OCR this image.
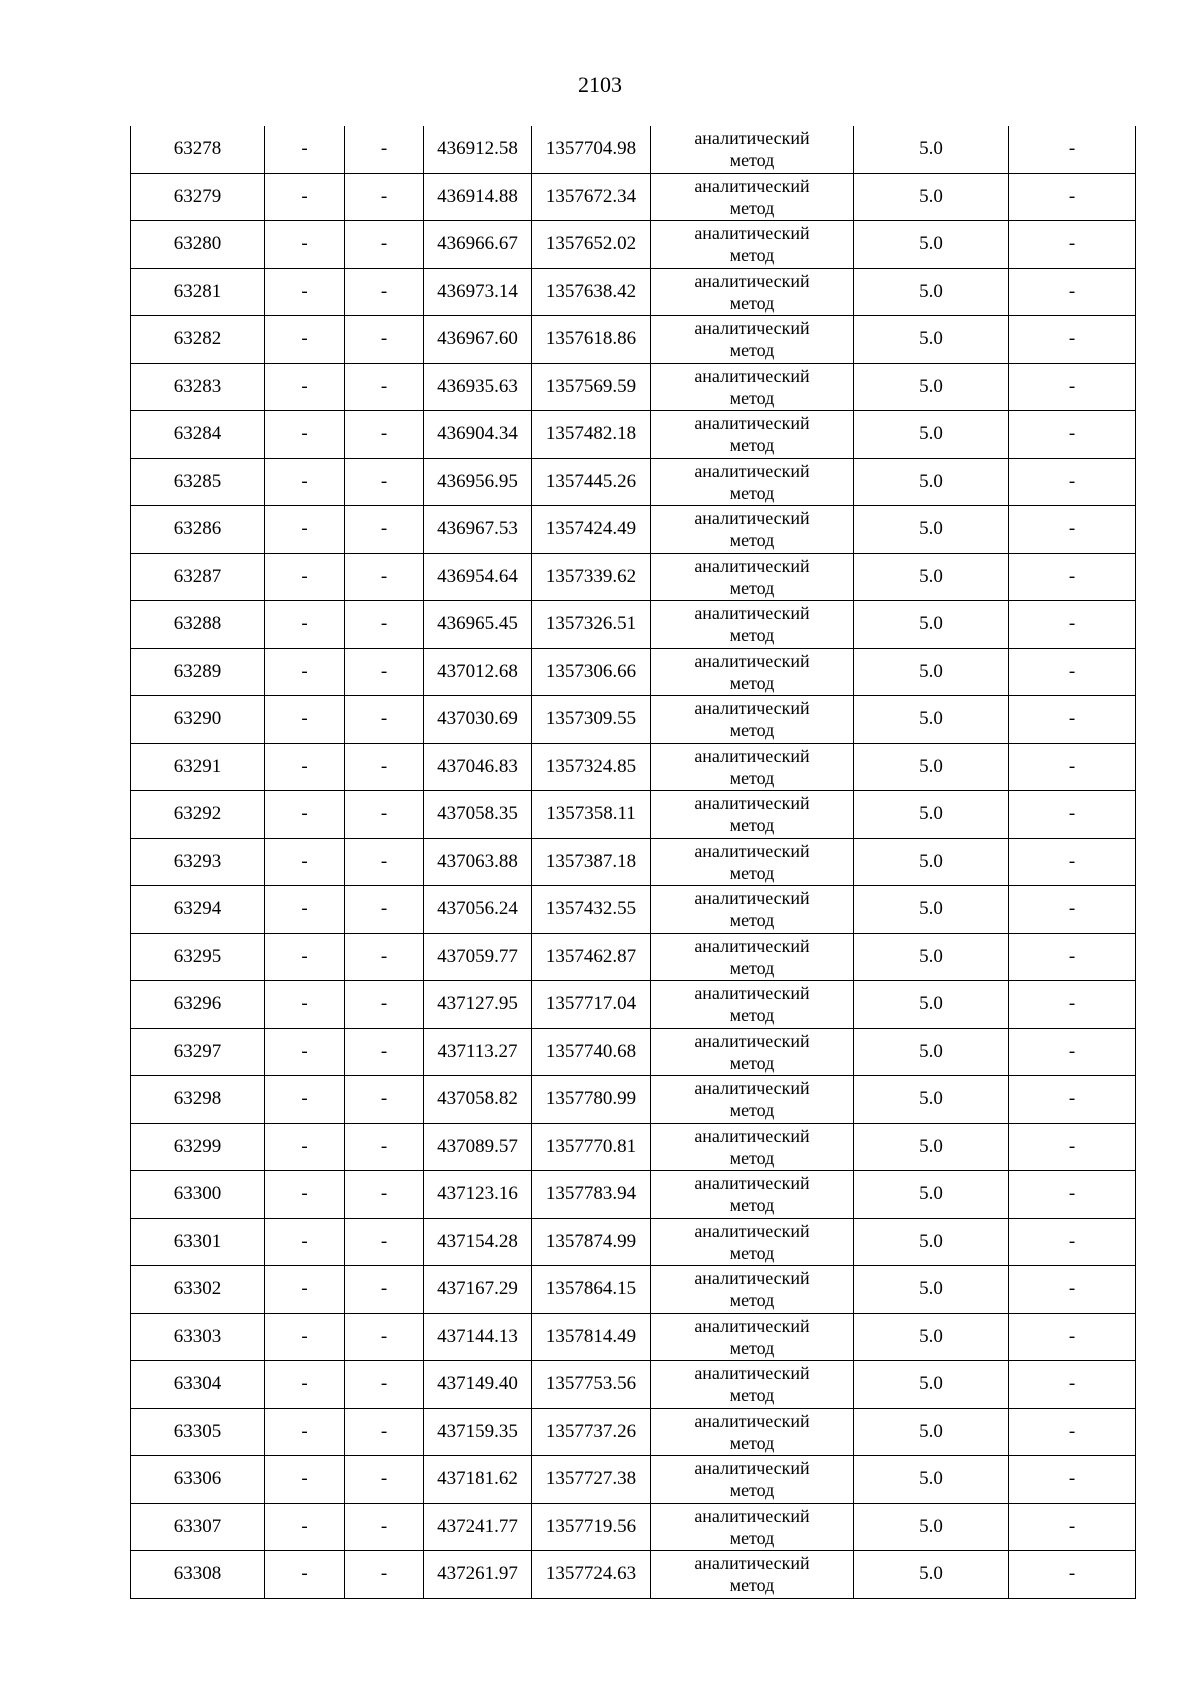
2103
63278	-	-	436912.58	1357704.98	аналитический
метод	5.0	-
63279	-	-	436914.88	1357672.34	аналитический
метод	5.0	-
63280	-	-	436966.67	1357652.02	аналитический
метод	5.0	-
63281	-	-	436973.14	1357638.42	аналитический
метод	5.0	-
63282	-	-	436967.60	1357618.86	аналитический
метод	5.0	-
63283	-	-	436935.63	1357569.59	аналитический
метод	5.0	-
63284	-	-	436904.34	1357482.18	аналитический
метод	5.0	-
63285	-	-	436956.95	1357445.26	аналитический
метод	5.0	-
63286	-	-	436967.53	1357424.49	аналитический
метод	5.0	-
63287	-	-	436954.64	1357339.62	аналитический
метод	5.0	-
63288	-	-	436965.45	1357326.51	аналитический
метод	5.0	-
63289	-	-	437012.68	1357306.66	аналитический
метод	5.0	-
63290	-	-	437030.69	1357309.55	аналитический
метод	5.0	-
63291	-	-	437046.83	1357324.85	аналитический
метод	5.0	-
63292	-	-	437058.35	1357358.11	аналитический
метод	5.0	-
63293	-	-	437063.88	1357387.18	аналитический
метод	5.0	-
63294	-	-	437056.24	1357432.55	аналитический
метод	5.0	-
63295	-	-	437059.77	1357462.87	аналитический
метод	5.0	-
63296	-	-	437127.95	1357717.04	аналитический
метод	5.0	-
63297	-	-	437113.27	1357740.68	аналитический
метод	5.0	-
63298	-	-	437058.82	1357780.99	аналитический
метод	5.0	-
63299	-	-	437089.57	1357770.81	аналитический
метод	5.0	-
63300	-	-	437123.16	1357783.94	аналитический
метод	5.0	-
63301	-	-	437154.28	1357874.99	аналитический
метод	5.0	-
63302	-	-	437167.29	1357864.15	аналитический
метод	5.0	-
63303	-	-	437144.13	1357814.49	аналитический
метод	5.0	-
63304	-	-	437149.40	1357753.56	аналитический
метод	5.0	-
63305	-	-	437159.35	1357737.26	аналитический
метод	5.0	-
63306	-	-	437181.62	1357727.38	аналитический
метод	5.0	-
63307	-	-	437241.77	1357719.56	аналитический
метод	5.0	-
63308	-	-	437261.97	1357724.63	аналитический
метод	5.0	-
